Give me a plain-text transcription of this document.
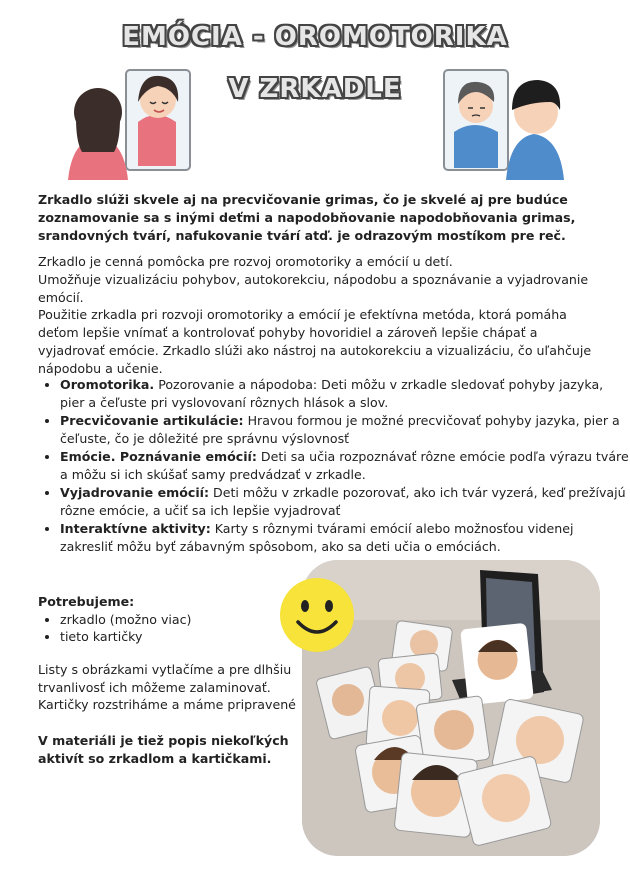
EMÓCIA - OROMOTORIKA
V ZRKADLE

Zrkadlo slúži skvele aj na precvičovanie grimas, čo je skvelé aj pre budúce zoznamovanie sa s inými deťmi a napodobňovanie napodobňovania grimas, srandovných tvárí, nafukovanie tvárí atď. je odrazovým mostíkom pre reč.

Zrkadlo je cenná pomôcka pre rozvoj oromotoriky a emócií u detí.
Umožňuje vizualizáciu pohybov, autokorekciu, nápodobu a spoznávanie a vyjadrovanie emócií.

Použitie zrkadla pri rozvoji oromotoriky a emócií je efektívna metóda, ktorá pomáha deťom lepšie vnímať a kontrolovať pohyby hovoridiel a zároveň lepšie chápať a vyjadrovať emócie. Zrkadlo slúži ako nástroj na autokorekciu a vizualizáciu, čo uľahčuje nápodobu a učenie.

• Oromotorika. Pozorovanie a nápodoba: Deti môžu v zrkadle sledovať pohyby jazyka, pier a čeľuste pri vyslovovaní rôznych hlások a slov.
• Precvičovanie artikulácie: Hravou formou je možné precvičovať pohyby jazyka, pier a čeľuste, čo je dôležité pre správnu výslovnosť
• Emócie. Poznávanie emócií: Deti sa učia rozpoznávať rôzne emócie podľa výrazu tváre a môžu si ich skúšať samy predvádzať v zrkadle.
• Vyjadrovanie emócií: Deti môžu v zrkadle pozorovať, ako ich tvár vyzerá, keď prežívajú rôzne emócie, a učiť sa ich lepšie vyjadrovať
• Interaktívne aktivity: Karty s rôznymi tvárami emócií alebo možnosťou videnej zakresliť môžu byť zábavným spôsobom, ako sa deti učia o emóciách.
Potrebujeme:
• zrkadlo (možno viac)
• tieto kartičky

Listy s obrázkami vytlačíme a pre dlhšiu
trvanlivosť ich môžeme zalaminovať.
Kartičky rozstriháme a máme pripravené

V materiáli je tiež popis niekoľkých aktivít so zrkadlom a kartičkami.
